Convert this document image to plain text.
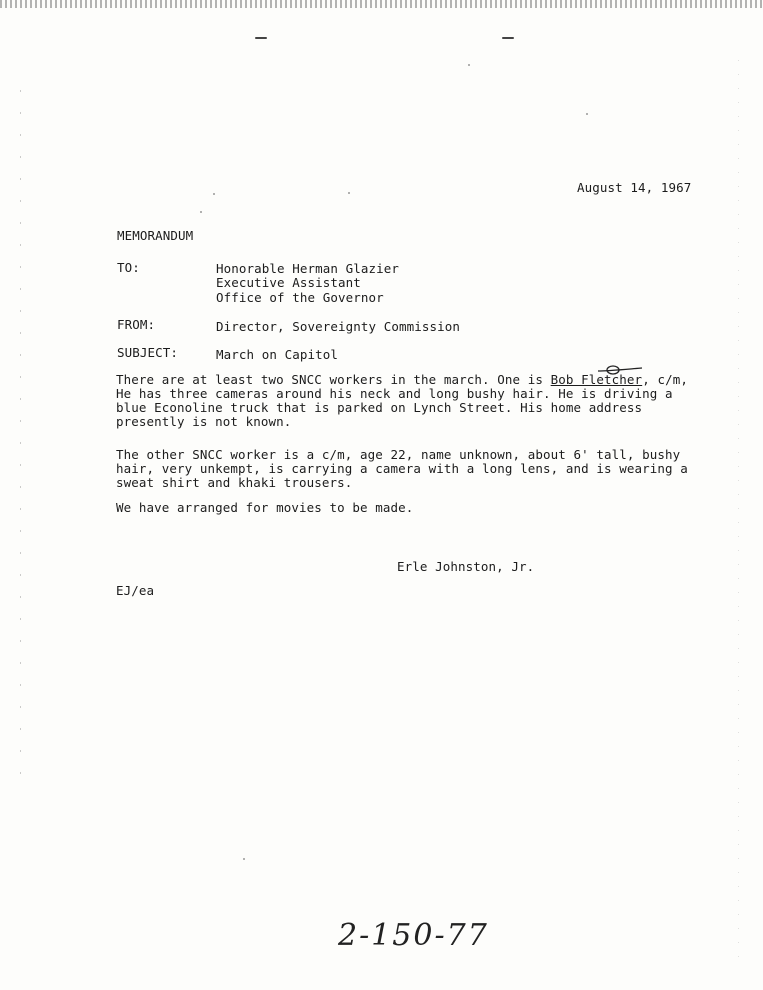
August 14, 1967
MEMORANDUM
TO:	Honorable Herman Glazier
Executive Assistant
Office of the Governor
FROM:	Director, Sovereignty Commission
SUBJECT:	March on Capitol
There are at least two SNCC workers in the march. One is Bob Fletcher, c/m, He has three cameras around his neck and long bushy hair. He is driving a blue Econoline truck that is parked on Lynch Street. His home address presently is not known.
The other SNCC worker is a c/m, age 22, name unknown, about 6' tall, bushy hair, very unkempt, is carrying a camera with a long lens, and is wearing a sweat shirt and khaki trousers.
We have arranged for movies to be made.
Erle Johnston, Jr.
EJ/ea
2-150-77
